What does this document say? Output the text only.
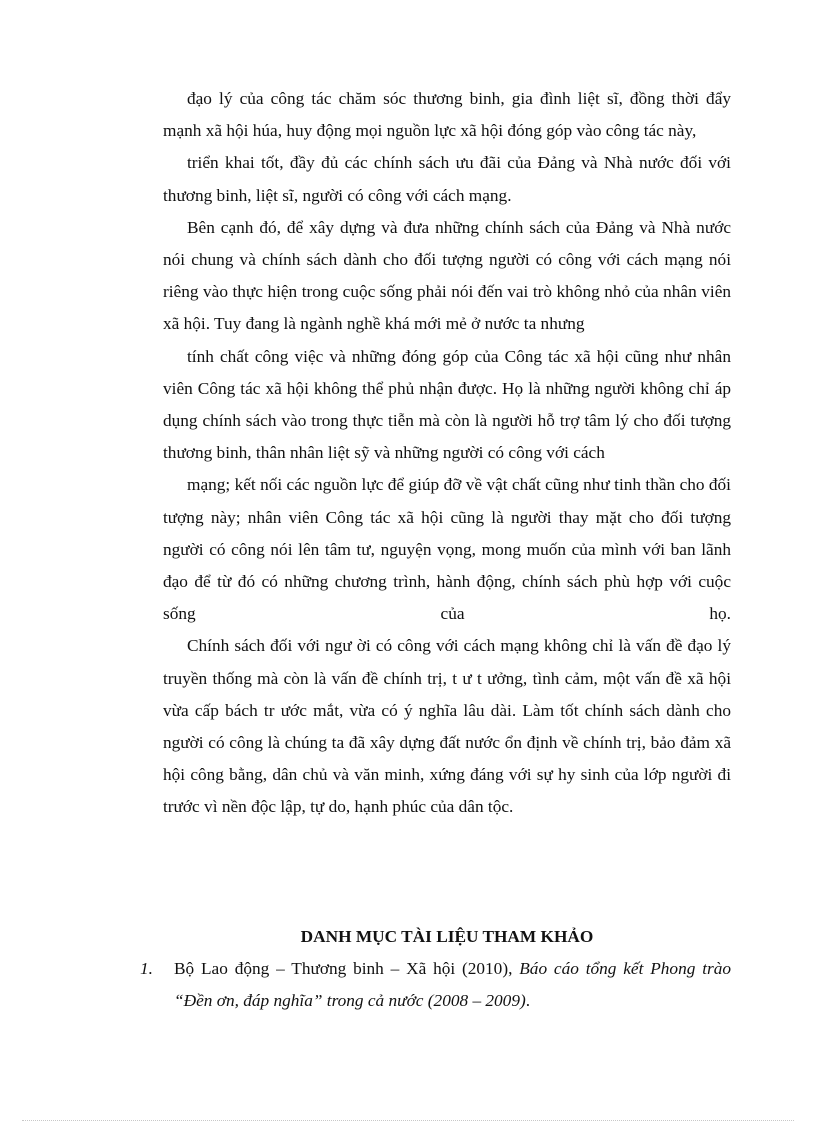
đạo lý của công tác chăm sóc thương binh, gia đình liệt sĩ, đồng thời đẩy mạnh xã hội húa, huy động mọi nguồn lực xã hội đóng góp vào công tác này,

triển khai tốt, đầy đủ các chính sách ưu đãi của Đảng và Nhà nước đối với thương binh, liệt sĩ, người có công với cách mạng.

Bên cạnh đó, để xây dựng và đưa những chính sách của Đảng và Nhà nước nói chung và chính sách dành cho đối tượng người có công với cách mạng nói riêng vào thực hiện trong cuộc sống phải nói đến vai trò không nhỏ của nhân viên xã hội. Tuy đang là ngành nghề khá mới mẻ ở nước ta nhưng

tính chất công việc và những đóng góp của Công tác xã hội cũng như nhân viên Công tác xã hội không thể phủ nhận được. Họ là những người không chỉ áp dụng chính sách vào trong thực tiễn mà còn là người hỗ trợ tâm lý cho đối tượng thương binh, thân nhân liệt sỹ và những người có công với cách

mạng; kết nối các nguồn lực để giúp đỡ về vật chất cũng như tinh thần cho đối tượng này; nhân viên Công tác xã hội cũng là người thay mặt cho đối tượng người có công nói lên tâm tư, nguyện vọng, mong muốn của mình với ban lãnh đạo để từ đó có những chương trình, hành động, chính sách phù hợp với cuộc sống của họ.

Chính sách đối với ngư ời có công với cách mạng không chỉ là vấn đề đạo lý truyền thống mà còn là vấn đề chính trị, t ư t ưởng, tình cảm, một vấn đề xã hội vừa cấp bách tr ước mắt, vừa có ý nghĩa lâu dài. Làm tốt chính sách dành cho người có công là chúng ta đã xây dựng đất nước ổn định về chính trị, bảo đảm xã hội công bằng, dân chủ và văn minh, xứng đáng với sự hy sinh của lớp người đi trước vì nền độc lập, tự do, hạnh phúc của dân tộc.

DANH MỤC TÀI LIỆU THAM KHẢO
1.	Bộ Lao động – Thương binh – Xã hội (2010), Báo cáo tổng kết Phong trào “Đền ơn, đáp nghĩa” trong cả nước (2008 – 2009).
